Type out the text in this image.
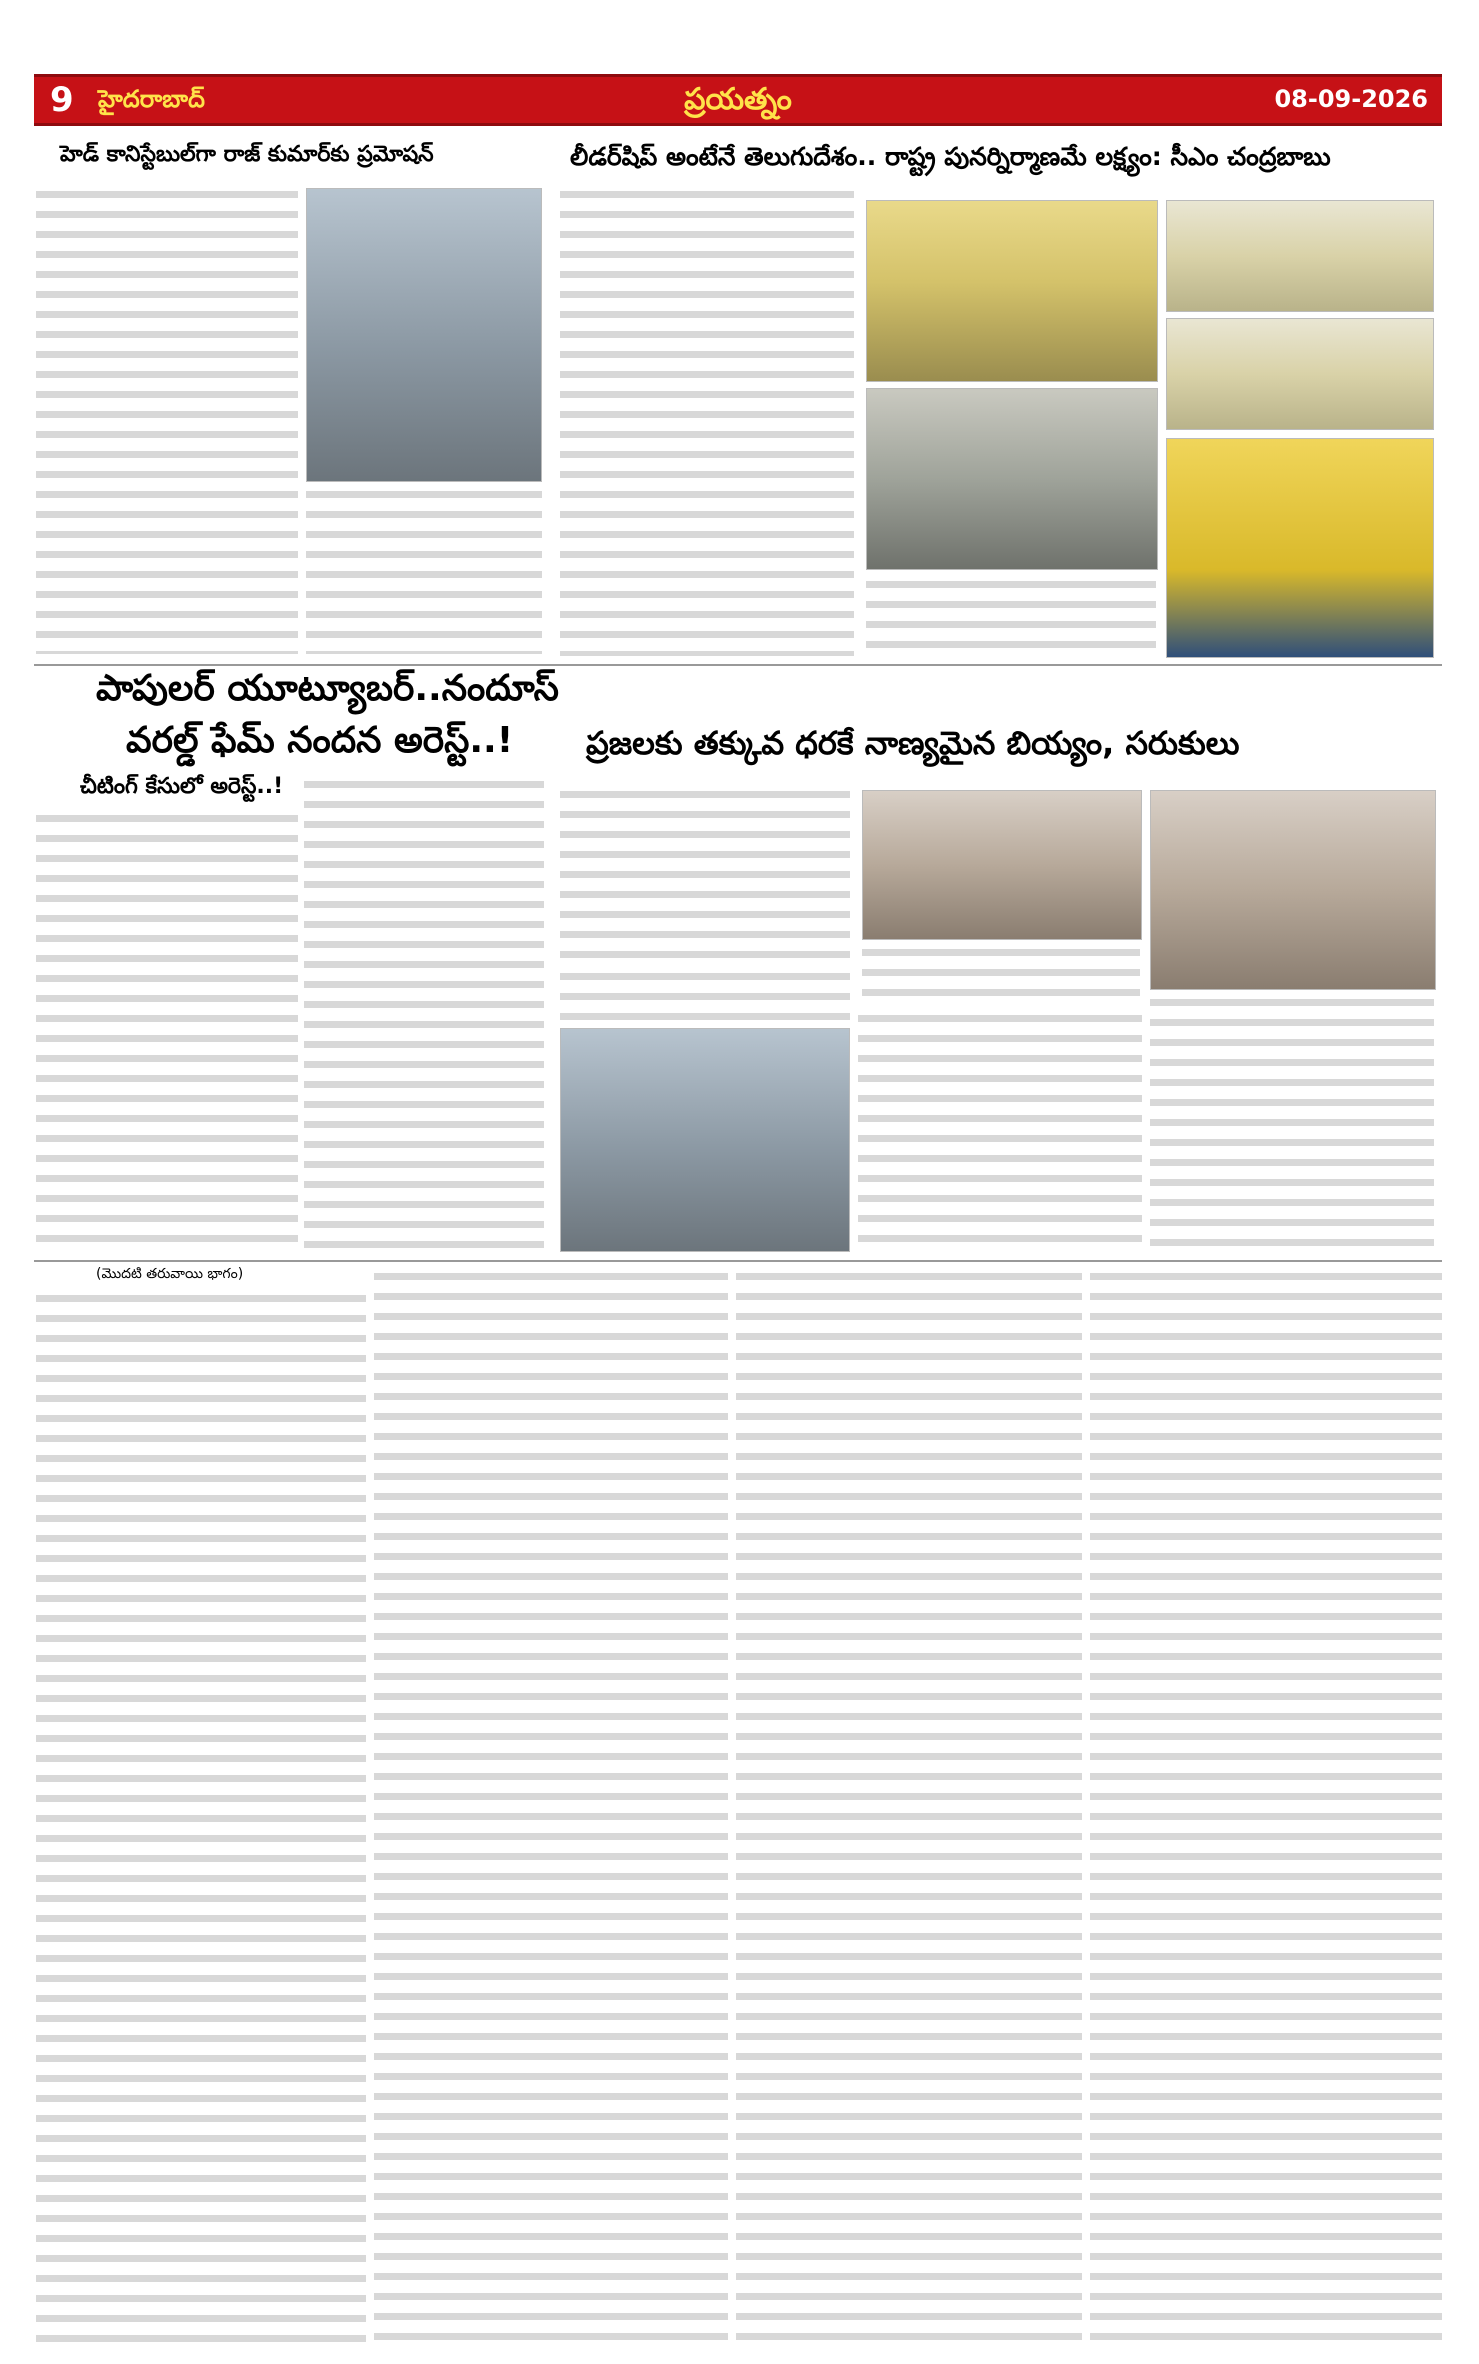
9 హైదరాబాద్	ప్రయత్నం	08-09-2026
హెడ్ కానిస్టేబుల్‌గా రాజ్ కుమార్‌కు ప్రమోషన్	లీడర్‌షిప్ అంటేనే తెలుగుదేశం.. రాష్ట్ర పునర్నిర్మాణమే లక్ష్యం: సీఎం చంద్రబాబు
పాపులర్ యూట్యూబర్..నందూస్
వరల్డ్ ఫేమ్ నందన అరెస్ట్..!
చీటింగ్ కేసులో అరెస్ట్..!
ప్రజలకు తక్కువ ధరకే నాణ్యమైన బియ్యం, సరుకులు
(మొదటి తరువాయి భాగం)
